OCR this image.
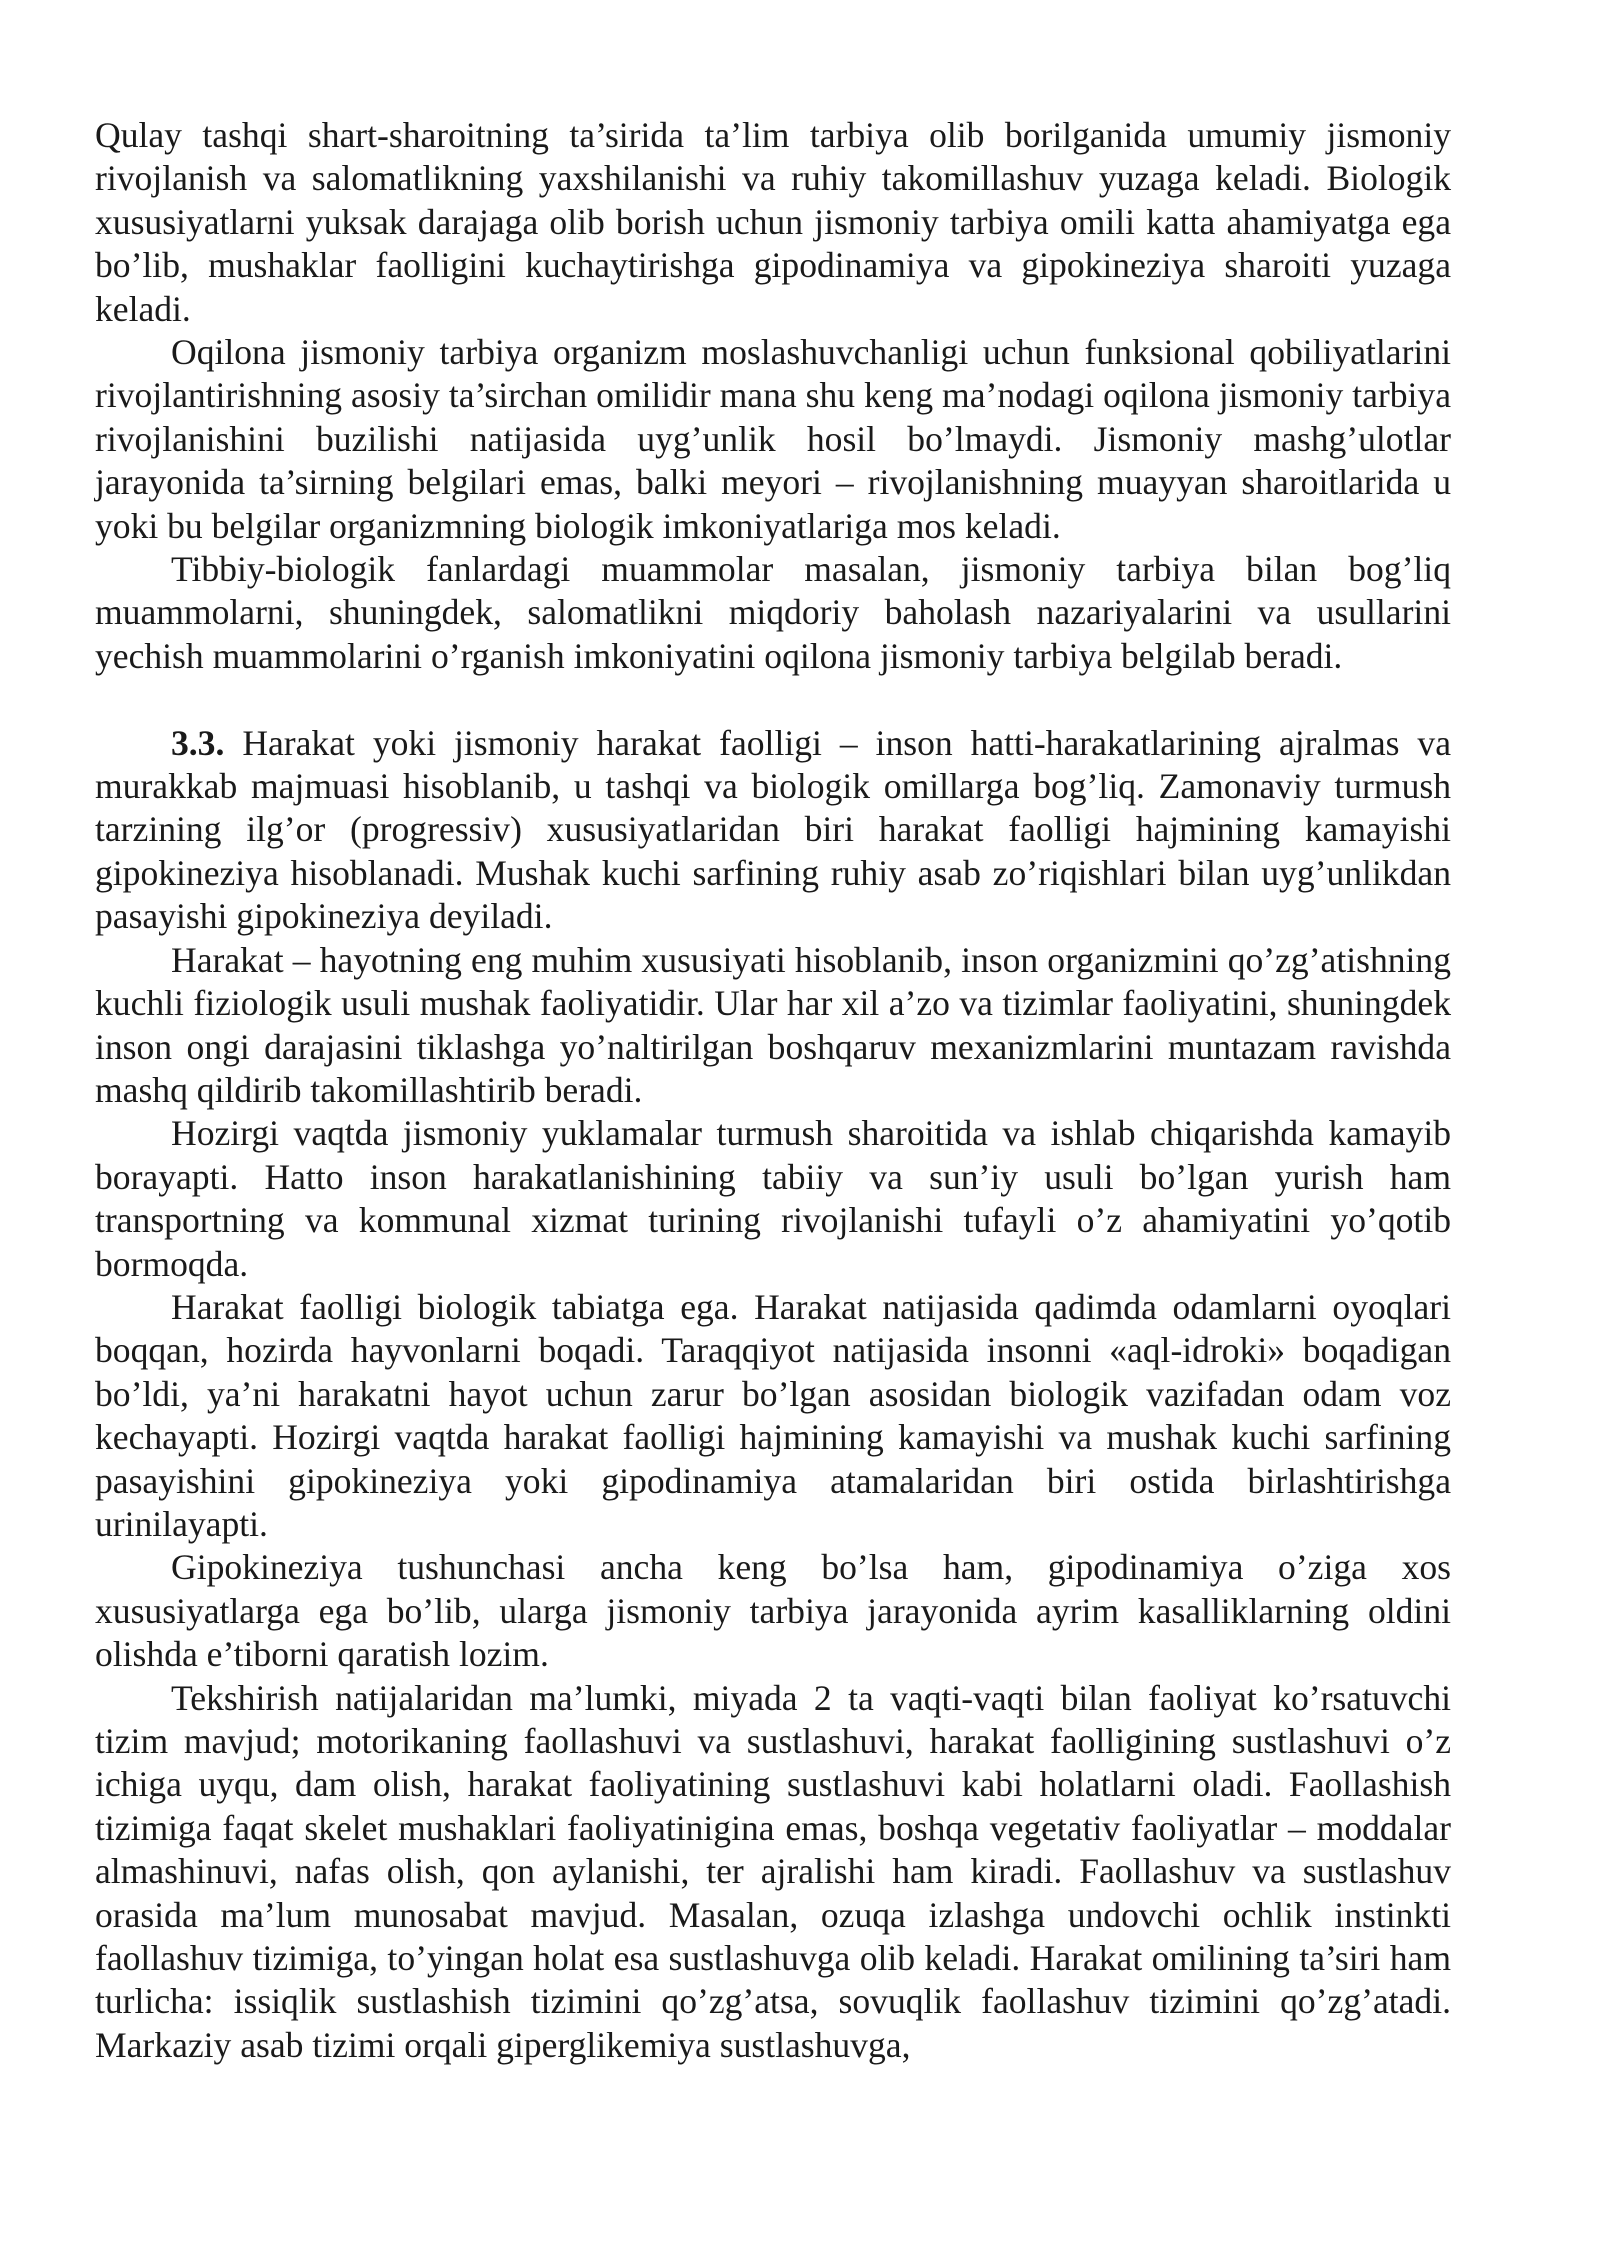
Qulay tashqi shart-sharoitning ta’sirida ta’lim tarbiya olib borilganida umumiy jismoniy rivojlanish va salomatlikning yaxshilanishi va ruhiy takomillashuv yuzaga keladi. Biologik xususiyatlarni yuksak darajaga olib borish uchun jismoniy tarbiya omili katta ahamiyatga ega bo’lib, mushaklar faolligini kuchaytirishga gipodinamiya va gipokineziya sharoiti yuzaga keladi.

Oqilona jismoniy tarbiya organizm moslashuvchanligi uchun funksional qobiliyatlarini rivojlantirishning asosiy ta’sirchan omilidir mana shu keng ma’nodagi oqilona jismoniy tarbiya rivojlanishini buzilishi natijasida uyg’unlik hosil bo’lmaydi. Jismoniy mashg’ulotlar jarayonida ta’sirning belgilari emas, balki meyori – rivojlanishning muayyan sharoitlarida u yoki bu belgilar organizmning biologik imkoniyatlariga mos keladi.

Tibbiy-biologik fanlardagi muammolar masalan, jismoniy tarbiya bilan bog’liq muammolarni, shuningdek, salomatlikni miqdoriy baholash nazariyalarini va usullarini yechish muammolarini o’rganish imkoniyatini oqilona jismoniy tarbiya belgilab beradi.

3.3. Harakat yoki jismoniy harakat faolligi – inson hatti-harakatlarining ajralmas va murakkab majmuasi hisoblanib, u tashqi va biologik omillarga bog’liq. Zamonaviy turmush tarzining ilg’or (progressiv) xususiyatlaridan biri harakat faolligi hajmining kamayishi gipokineziya hisoblanadi. Mushak kuchi sarfining ruhiy asab zo’riqishlari bilan uyg’unlikdan pasayishi gipokineziya deyiladi.

Harakat – hayotning eng muhim xususiyati hisoblanib, inson organizmini qo’zg’atishning kuchli fiziologik usuli mushak faoliyatidir. Ular har xil a’zo va tizimlar faoliyatini, shuningdek inson ongi darajasini tiklashga yo’naltirilgan boshqaruv mexanizmlarini muntazam ravishda mashq qildirib takomillashtirib beradi.

Hozirgi vaqtda jismoniy yuklamalar turmush sharoitida va ishlab chiqarishda kamayib borayapti. Hatto inson harakatlanishining tabiiy va sun’iy usuli bo’lgan yurish ham transportning va kommunal xizmat turining rivojlanishi tufayli o’z ahamiyatini yo’qotib bormoqda.

Harakat faolligi biologik tabiatga ega. Harakat natijasida qadimda odamlarni oyoqlari boqqan, hozirda hayvonlarni boqadi. Taraqqiyot natijasida insonni «aql-idroki» boqadigan bo’ldi, ya’ni harakatni hayot uchun zarur bo’lgan asosidan biologik vazifadan odam voz kechayapti. Hozirgi vaqtda harakat faolligi hajmining kamayishi va mushak kuchi sarfining pasayishini gipokineziya yoki gipodinamiya atamalaridan biri ostida birlashtirishga urinilayapti.

Gipokineziya tushunchasi ancha keng bo’lsa ham, gipodinamiya o’ziga xos xususiyatlarga ega bo’lib, ularga jismoniy tarbiya jarayonida ayrim kasalliklarning oldini olishda e’tiborni qaratish lozim.

Tekshirish natijalaridan ma’lumki, miyada 2 ta vaqti-vaqti bilan faoliyat ko’rsatuvchi tizim mavjud; motorikaning faollashuvi va sustlashuvi, harakat faolligining sustlashuvi o’z ichiga uyqu, dam olish, harakat faoliyatining sustlashuvi kabi holatlarni oladi. Faollashish tizimiga faqat skelet mushaklari faoliyatinigina emas, boshqa vegetativ faoliyatlar – moddalar almashinuvi, nafas olish, qon aylanishi, ter ajralishi ham kiradi. Faollashuv va sustlashuv orasida ma’lum munosabat mavjud. Masalan, ozuqa izlashga undovchi ochlik instinkti faollashuv tizimiga, to’yingan holat esa sustlashuvga olib keladi. Harakat omilining ta’siri ham turlicha: issiqlik sustlashish tizimini qo’zg’atsa, sovuqlik faollashuv tizimini qo’zg’atadi. Markaziy asab tizimi orqali giperglikemiya sustlashuvga,
